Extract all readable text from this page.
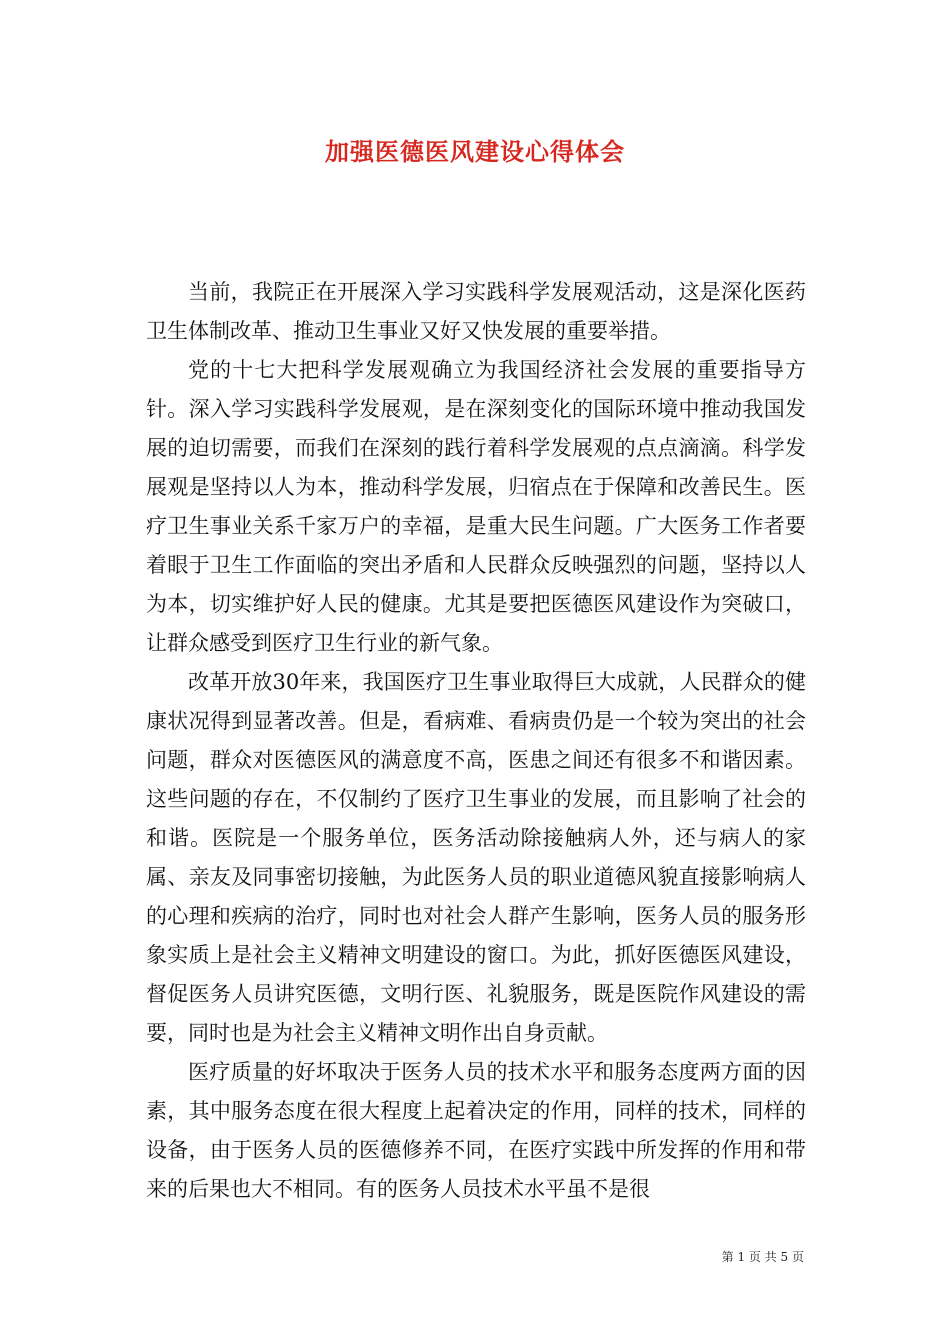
加强医德医风建设心得体会

当前，我院正在开展深入学习实践科学发展观活动，这是深化医药卫生体制改革、推动卫生事业又好又快发展的重要举措。

党的十七大把科学发展观确立为我国经济社会发展的重要指导方针。深入学习实践科学发展观，是在深刻变化的国际环境中推动我国发展的迫切需要，而我们在深刻的践行着科学发展观的点点滴滴。科学发展观是坚持以人为本，推动科学发展，归宿点在于保障和改善民生。医疗卫生事业关系千家万户的幸福，是重大民生问题。广大医务工作者要着眼于卫生工作面临的突出矛盾和人民群众反映强烈的问题，坚持以人为本，切实维护好人民的健康。尤其是要把医德医风建设作为突破口，让群众感受到医疗卫生行业的新气象。

改革开放30年来，我国医疗卫生事业取得巨大成就，人民群众的健康状况得到显著改善。但是，看病难、看病贵仍是一个较为突出的社会问题，群众对医德医风的满意度不高，医患之间还有很多不和谐因素。这些问题的存在，不仅制约了医疗卫生事业的发展，而且影响了社会的和谐。医院是一个服务单位，医务活动除接触病人外，还与病人的家属、亲友及同事密切接触，为此医务人员的职业道德风貌直接影响病人的心理和疾病的治疗，同时也对社会人群产生影响，医务人员的服务形象实质上是社会主义精神文明建设的窗口。为此，抓好医德医风建设，督促医务人员讲究医德，文明行医、礼貌服务，既是医院作风建设的需要，同时也是为社会主义精神文明作出自身贡献。

医疗质量的好坏取决于医务人员的技术水平和服务态度两方面的因素，其中服务态度在很大程度上起着决定的作用，同样的技术，同样的设备，由于医务人员的医德修养不同，在医疗实践中所发挥的作用和带来的后果也大不相同。有的医务人员技术水平虽不是很

第 1 页 共 5 页
